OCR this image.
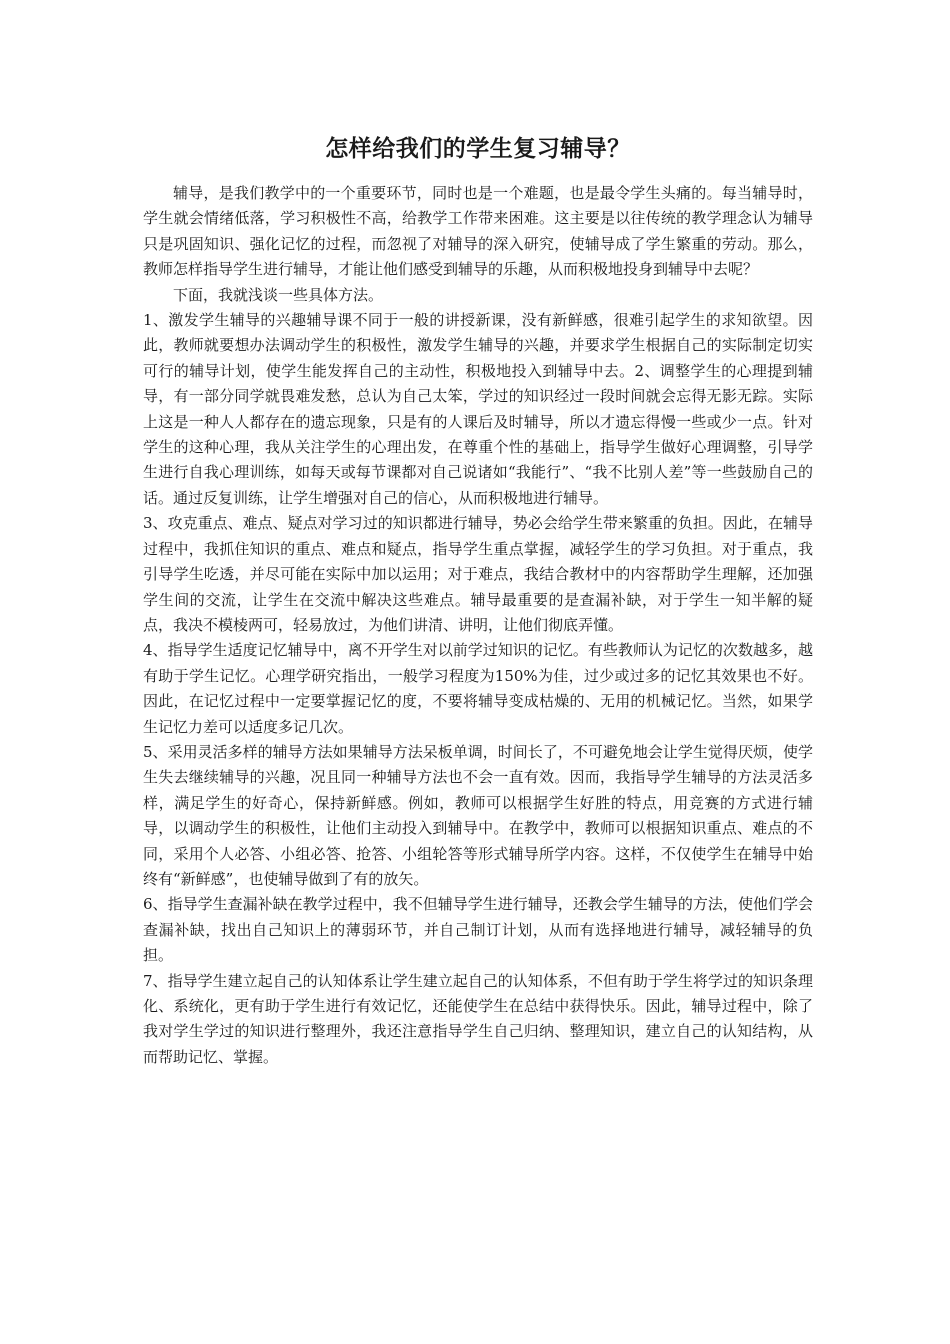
怎样给我们的学生复习辅导？

辅导，是我们教学中的一个重要环节，同时也是一个难题，也是最令学生头痛的。每当辅导时，学生就会情绪低落，学习积极性不高，给教学工作带来困难。这主要是以往传统的教学理念认为辅导只是巩固知识、强化记忆的过程，而忽视了对辅导的深入研究，使辅导成了学生繁重的劳动。那么，教师怎样指导学生进行辅导，才能让他们感受到辅导的乐趣，从而积极地投身到辅导中去呢？

下面，我就浅谈一些具体方法。

1、激发学生辅导的兴趣辅导课不同于一般的讲授新课，没有新鲜感，很难引起学生的求知欲望。因此，教师就要想办法调动学生的积极性，激发学生辅导的兴趣，并要求学生根据自己的实际制定切实可行的辅导计划，使学生能发挥自己的主动性，积极地投入到辅导中去。2、调整学生的心理提到辅导，有一部分同学就畏难发愁，总认为自己太笨，学过的知识经过一段时间就会忘得无影无踪。实际上这是一种人人都存在的遗忘现象，只是有的人课后及时辅导，所以才遗忘得慢一些或少一点。针对学生的这种心理，我从关注学生的心理出发，在尊重个性的基础上，指导学生做好心理调整，引导学生进行自我心理训练，如每天或每节课都对自己说诸如“我能行”、“我不比别人差”等一些鼓励自己的话。通过反复训练，让学生增强对自己的信心，从而积极地进行辅导。

3、攻克重点、难点、疑点对学习过的知识都进行辅导，势必会给学生带来繁重的负担。因此，在辅导过程中，我抓住知识的重点、难点和疑点，指导学生重点掌握，减轻学生的学习负担。对于重点，我引导学生吃透，并尽可能在实际中加以运用；对于难点，我结合教材中的内容帮助学生理解，还加强学生间的交流，让学生在交流中解决这些难点。辅导最重要的是查漏补缺，对于学生一知半解的疑点，我决不模棱两可，轻易放过，为他们讲清、讲明，让他们彻底弄懂。

4、指导学生适度记忆辅导中，离不开学生对以前学过知识的记忆。有些教师认为记忆的次数越多，越有助于学生记忆。心理学研究指出，一般学习程度为150%为佳，过少或过多的记忆其效果也不好。因此，在记忆过程中一定要掌握记忆的度，不要将辅导变成枯燥的、无用的机械记忆。当然，如果学生记忆力差可以适度多记几次。

5、采用灵活多样的辅导方法如果辅导方法呆板单调，时间长了，不可避免地会让学生觉得厌烦，使学生失去继续辅导的兴趣，况且同一种辅导方法也不会一直有效。因而，我指导学生辅导的方法灵活多样，满足学生的好奇心，保持新鲜感。例如，教师可以根据学生好胜的特点，用竞赛的方式进行辅导，以调动学生的积极性，让他们主动投入到辅导中。在教学中，教师可以根据知识重点、难点的不同，采用个人必答、小组必答、抢答、小组轮答等形式辅导所学内容。这样，不仅使学生在辅导中始终有“新鲜感”，也使辅导做到了有的放矢。

6、指导学生查漏补缺在教学过程中，我不但辅导学生进行辅导，还教会学生辅导的方法，使他们学会查漏补缺，找出自己知识上的薄弱环节，并自己制订计划，从而有选择地进行辅导，减轻辅导的负担。

7、指导学生建立起自己的认知体系让学生建立起自己的认知体系，不但有助于学生将学过的知识条理化、系统化，更有助于学生进行有效记忆，还能使学生在总结中获得快乐。因此，辅导过程中，除了我对学生学过的知识进行整理外，我还注意指导学生自己归纳、整理知识，建立自己的认知结构，从而帮助记忆、掌握。
